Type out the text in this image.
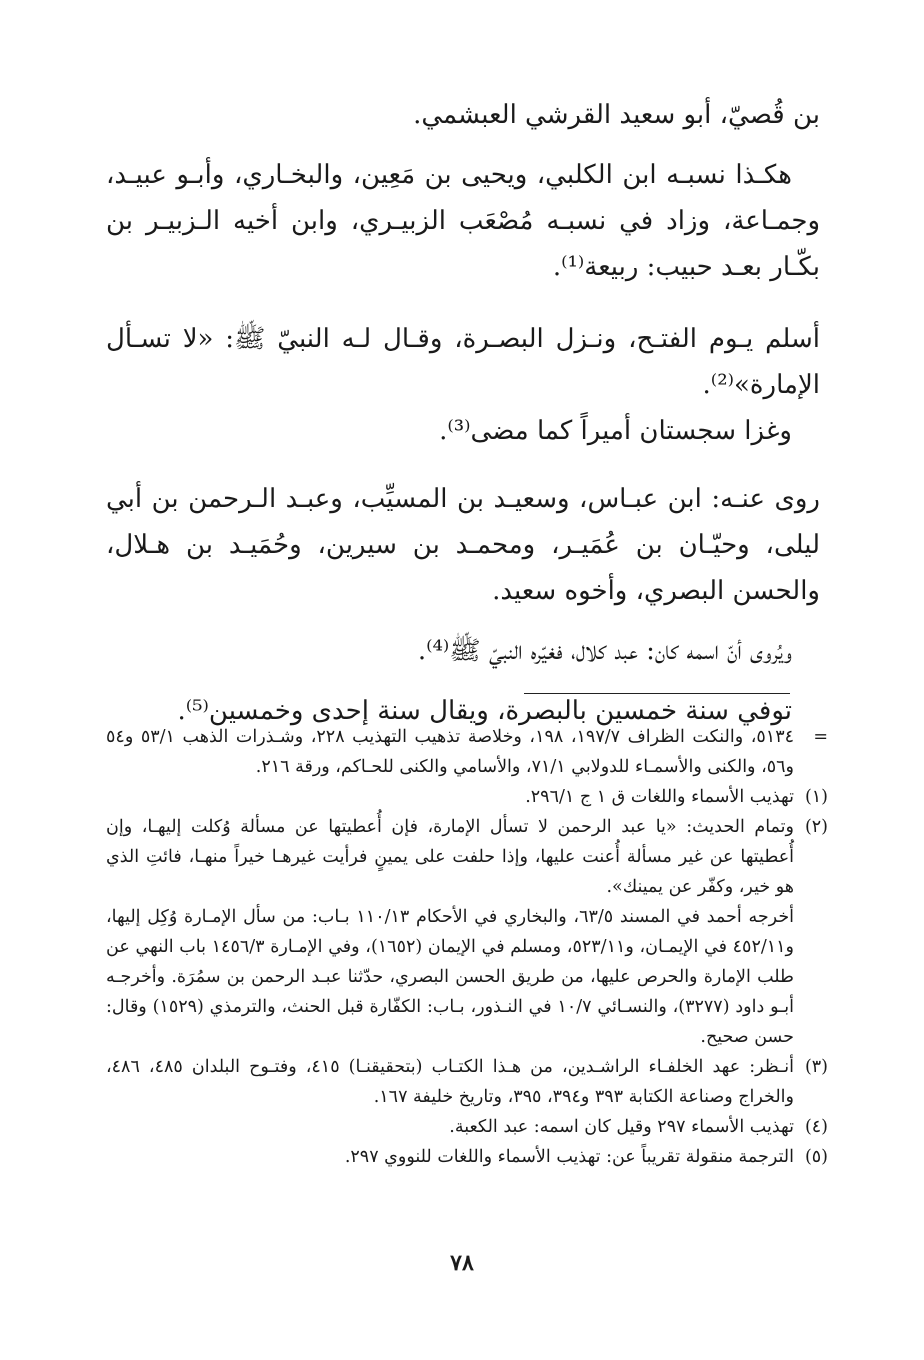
بن قُصيّ، أبو سعيد القرشي العبشمي.

هكـذا نسبـه ابن الكلبي، ويحيى بن مَعِين، والبخـاري، وأبـو عبيـد، وجمـاعة، وزاد في نسبـه مُصْعَب الزبيـري، وابن أخيه الـزبيـر بن بكّـار بعـد حبيب: ربيعة⁽¹⁾.

أسلم يـوم الفتـح، ونـزل البصـرة، وقـال لـه النبيّ ﷺ: «لا تسـأل الإمارة»⁽²⁾.

وغزا سجستان أميراً كما مضى⁽³⁾.

روى عنـه: ابن عبـاس، وسعيـد بن المسيِّب، وعبـد الـرحمن بن أبي ليلى، وحيّـان بن عُمَيـر، ومحمـد بن سيرين، وحُمَيـد بن هـلال، والحسن البصري، وأخوه سعيد.

ويُروى أنّ اسمه كان: عبد كلال، فغيّره النبيّ ﷺ⁽⁴⁾.

توفي سنة خمسين بالبصرة، ويقال سنة إحدى وخمسين⁽⁵⁾.

=

٥١٣٤، والنكت الظراف ١٩٧/٧، ١٩٨، وخلاصة تذهيب التهذيب ٢٢٨، وشـذرات الذهب ٥٣/١ و٥٤ و٥٦، والكنى والأسمـاء للدولابي ٧١/١، والأسامي والكنى للحـاكم، ورقة ٢١٦.

(١)

تهذيب الأسماء واللغات ق ١ ج ٢٩٦/١.

(٢)

وتمام الحديث: «يا عبد الرحمن لا تسأل الإمارة، فإن أُعطيتها عن مسألة وُكلت إليهـا، وإن أُعطيتها عن غير مسألة أُعنت عليها، وإذا حلفت على يمينٍ فرأيت غيرهـا خيراً منهـا، فائتِ الذي هو خير، وكفّر عن يمينك».

أخرجه أحمد في المسند ٦٣/٥، والبخاري في الأحكام ١١٠/١٣ بـاب: من سأل الإمـارة وُكِل إليها، و٤٥٢/١١ في الإيمـان، و٥٢٣/١١، ومسلم في الإيمان (١٦٥٢)، وفي الإمـارة ١٤٥٦/٣ باب النهي عن طلب الإمارة والحرص عليها، من طريق الحسن البصري، حدّثنا عبـد الرحمن بن سمُرَة. وأخرجـه أبـو داود (٣٢٧٧)، والنسـائي ١٠/٧ في النـذور، بـاب: الكفّارة قبل الحنث، والترمذي (١٥٢٩) وقال: حسن صحيح.

(٣)

أنـظر: عهد الخلفـاء الراشـدين، من هـذا الكتـاب (بتحقيقنـا) ٤١٥، وفتـوح البلدان ٤٨٥، ٤٨٦، والخراج وصناعة الكتابة ٣٩٣ و٣٩٤، ٣٩٥، وتاريخ خليفة ١٦٧.

(٤)

تهذيب الأسماء ٢٩٧ وقيل كان اسمه: عبد الكعبة.

(٥)

الترجمة منقولة تقريباً عن: تهذيب الأسماء واللغات للنووي ٢٩٧.

٧٨
